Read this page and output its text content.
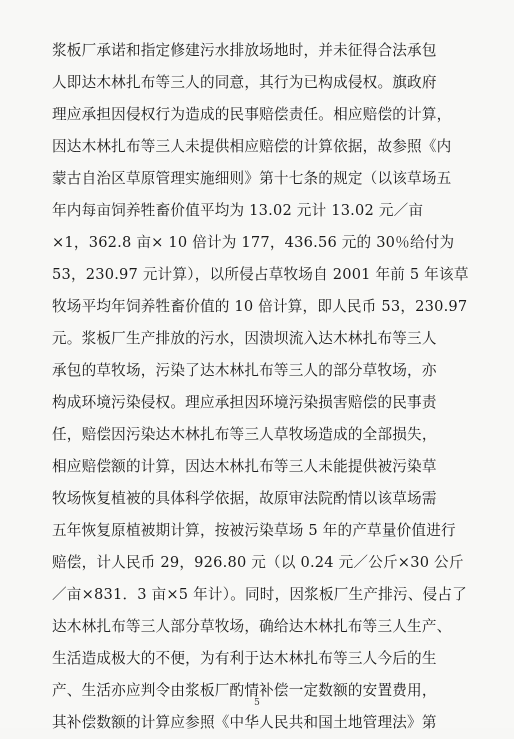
浆板厂承诺和指定修建污水排放场地时，并未征得合法承包
人即达木林扎布等三人的同意，其行为已构成侵权。旗政府
理应承担因侵权行为造成的民事赔偿责任。相应赔偿的计算，
因达木林扎布等三人未提供相应赔偿的计算依据，故参照《内
蒙古自治区草原管理实施细则》第十七条的规定（以该草场五
年内每亩饲养牲畜价值平均为 13.02 元计 13.02 元／亩
×1，362.8 亩× 10 倍计为 177，436.56 元的 30％给付为
53，230.97 元计算），以所侵占草牧场自 2001 年前 5 年该草
牧场平均年饲养牲畜价值的 10 倍计算，即人民币 53，230.97
元。浆板厂生产排放的污水，因溃坝流入达木林扎布等三人
承包的草牧场，污染了达木林扎布等三人的部分草牧场，亦
构成环境污染侵权。理应承担因环境污染损害赔偿的民事责
任，赔偿因污染达木林扎布等三人草牧场造成的全部损失，
相应赔偿额的计算，因达木林扎布等三人未能提供被污染草
牧场恢复植被的具体科学依据，故原审法院酌情以该草场需
五年恢复原植被期计算，按被污染草场 5 年的产草量价值进行
赔偿，计人民币 29，926.80 元（以 0.24 元／公斤×30 公斤
／亩×831．3 亩×5 年计）。同时，因浆板厂生产排污、侵占了
达木林扎布等三人部分草牧场，确给达木林扎布等三人生产、
生活造成极大的不便，为有利于达木林扎布等三人今后的生
产、生活亦应判令由浆板厂酌情补偿一定数额的安置费用，
其补偿数额的计算应参照《中华人民共和国土地管理法》第
5
